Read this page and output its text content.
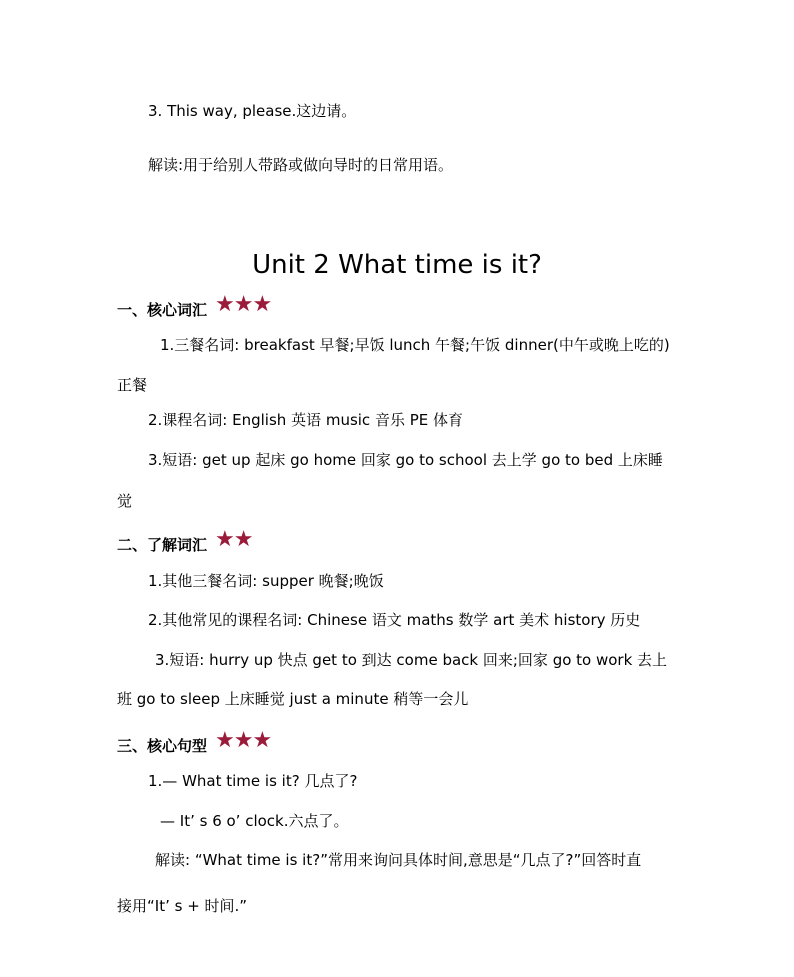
3. This way, please.这边请。
解读:用于给别人带路或做向导时的日常用语。
Unit 2 What time is it?
一、核心词汇 ★★★
1.三餐名词: breakfast 早餐;早饭 lunch 午餐;午饭 dinner(中午或晚上吃的)
正餐
2.课程名词: English 英语 music 音乐 PE 体育
3.短语: get up 起床 go home 回家 go to school 去上学 go to bed 上床睡
觉
二、了解词汇 ★★
1.其他三餐名词: supper 晚餐;晚饭
2.其他常见的课程名词: Chinese 语文 maths 数学 art 美术 history 历史
3.短语: hurry up 快点 get to 到达 come back 回来;回家 go to work 去上
班 go to sleep 上床睡觉 just a minute 稍等一会儿
三、核心句型 ★★★
1.— What time is it? 几点了?
— It’ s 6 o’ clock.六点了。
解读: “What time is it?”常用来询问具体时间,意思是“几点了?”回答时直
接用“It’ s + 时间.”
